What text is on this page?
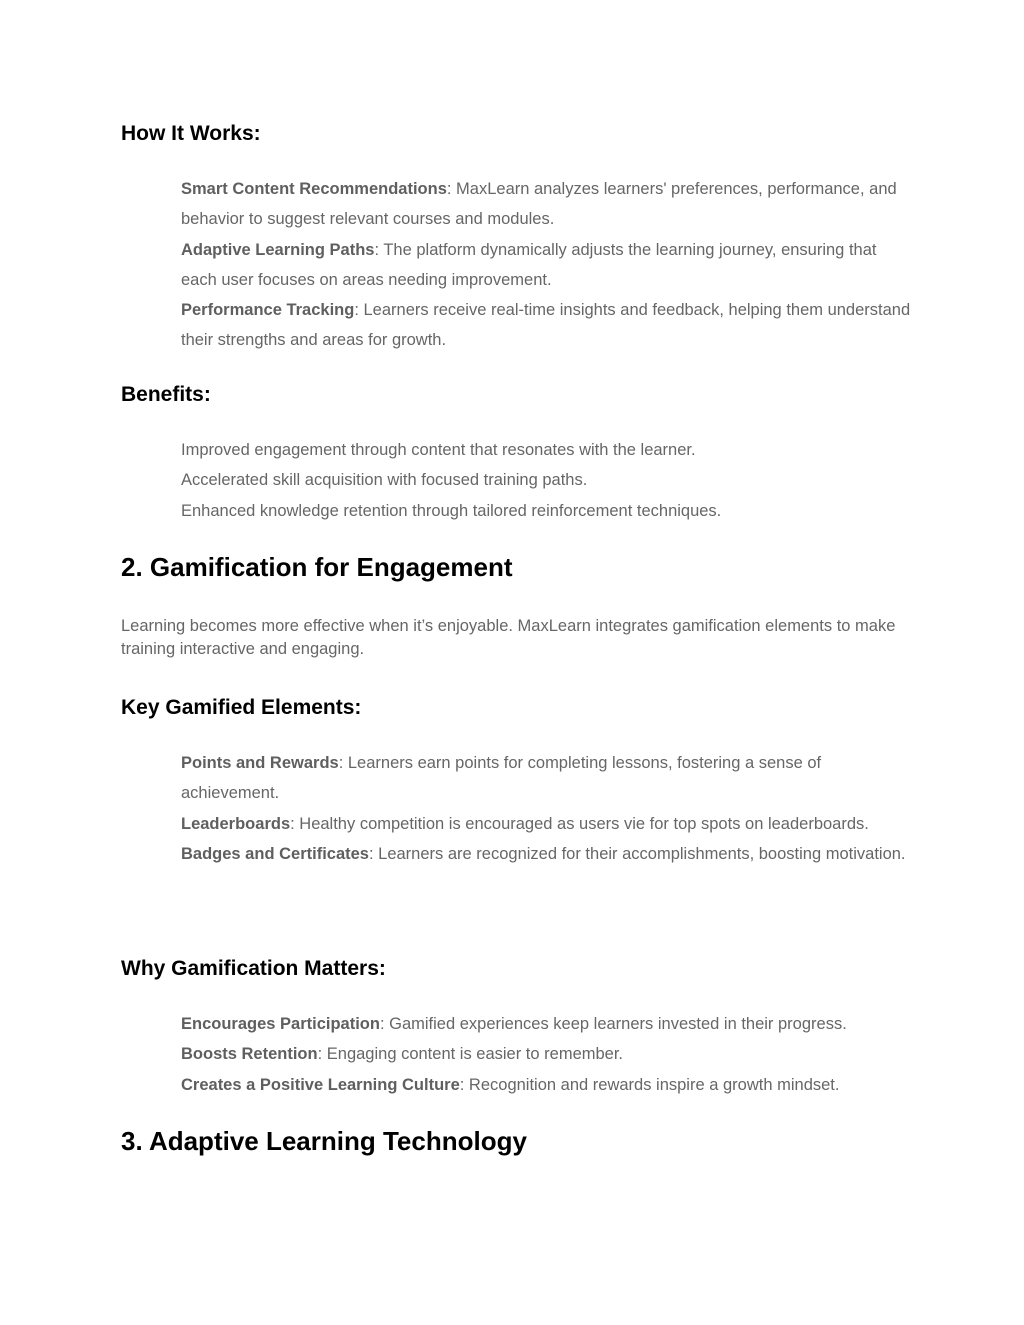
How It Works:
Smart Content Recommendations: MaxLearn analyzes learners' preferences, performance, and behavior to suggest relevant courses and modules.
Adaptive Learning Paths: The platform dynamically adjusts the learning journey, ensuring that each user focuses on areas needing improvement.
Performance Tracking: Learners receive real-time insights and feedback, helping them understand their strengths and areas for growth.
Benefits:
Improved engagement through content that resonates with the learner.
Accelerated skill acquisition with focused training paths.
Enhanced knowledge retention through tailored reinforcement techniques.
2. Gamification for Engagement

Learning becomes more effective when it’s enjoyable. MaxLearn integrates gamification elements to make training interactive and engaging.

Key Gamified Elements:
Points and Rewards: Learners earn points for completing lessons, fostering a sense of achievement.
Leaderboards: Healthy competition is encouraged as users vie for top spots on leaderboards.
Badges and Certificates: Learners are recognized for their accomplishments, boosting motivation.
Why Gamification Matters:
Encourages Participation: Gamified experiences keep learners invested in their progress.
Boosts Retention: Engaging content is easier to remember.
Creates a Positive Learning Culture: Recognition and rewards inspire a growth mindset.
3. Adaptive Learning Technology
